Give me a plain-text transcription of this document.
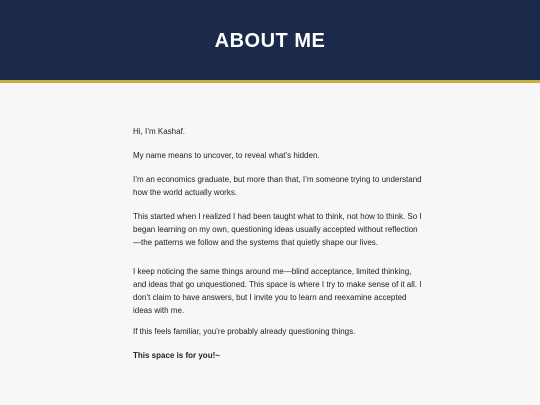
ABOUT ME

Hi, I’m Kashaf.

My name means to uncover, to reveal what’s hidden.

I’m an economics graduate, but more than that, I’m someone trying to understand how the world actually works.

This started when I realized I had been taught what to think, not how to think. So I began learning on my own, questioning ideas usually accepted without reflection—the patterns we follow and the systems that quietly shape our lives.

I keep noticing the same things around me—blind acceptance, limited thinking, and ideas that go unquestioned. This space is where I try to make sense of it all. I don’t claim to have answers, but I invite you to learn and reexamine accepted ideas with me.

If this feels familiar, you’re probably already questioning things.

This space is for you!~
